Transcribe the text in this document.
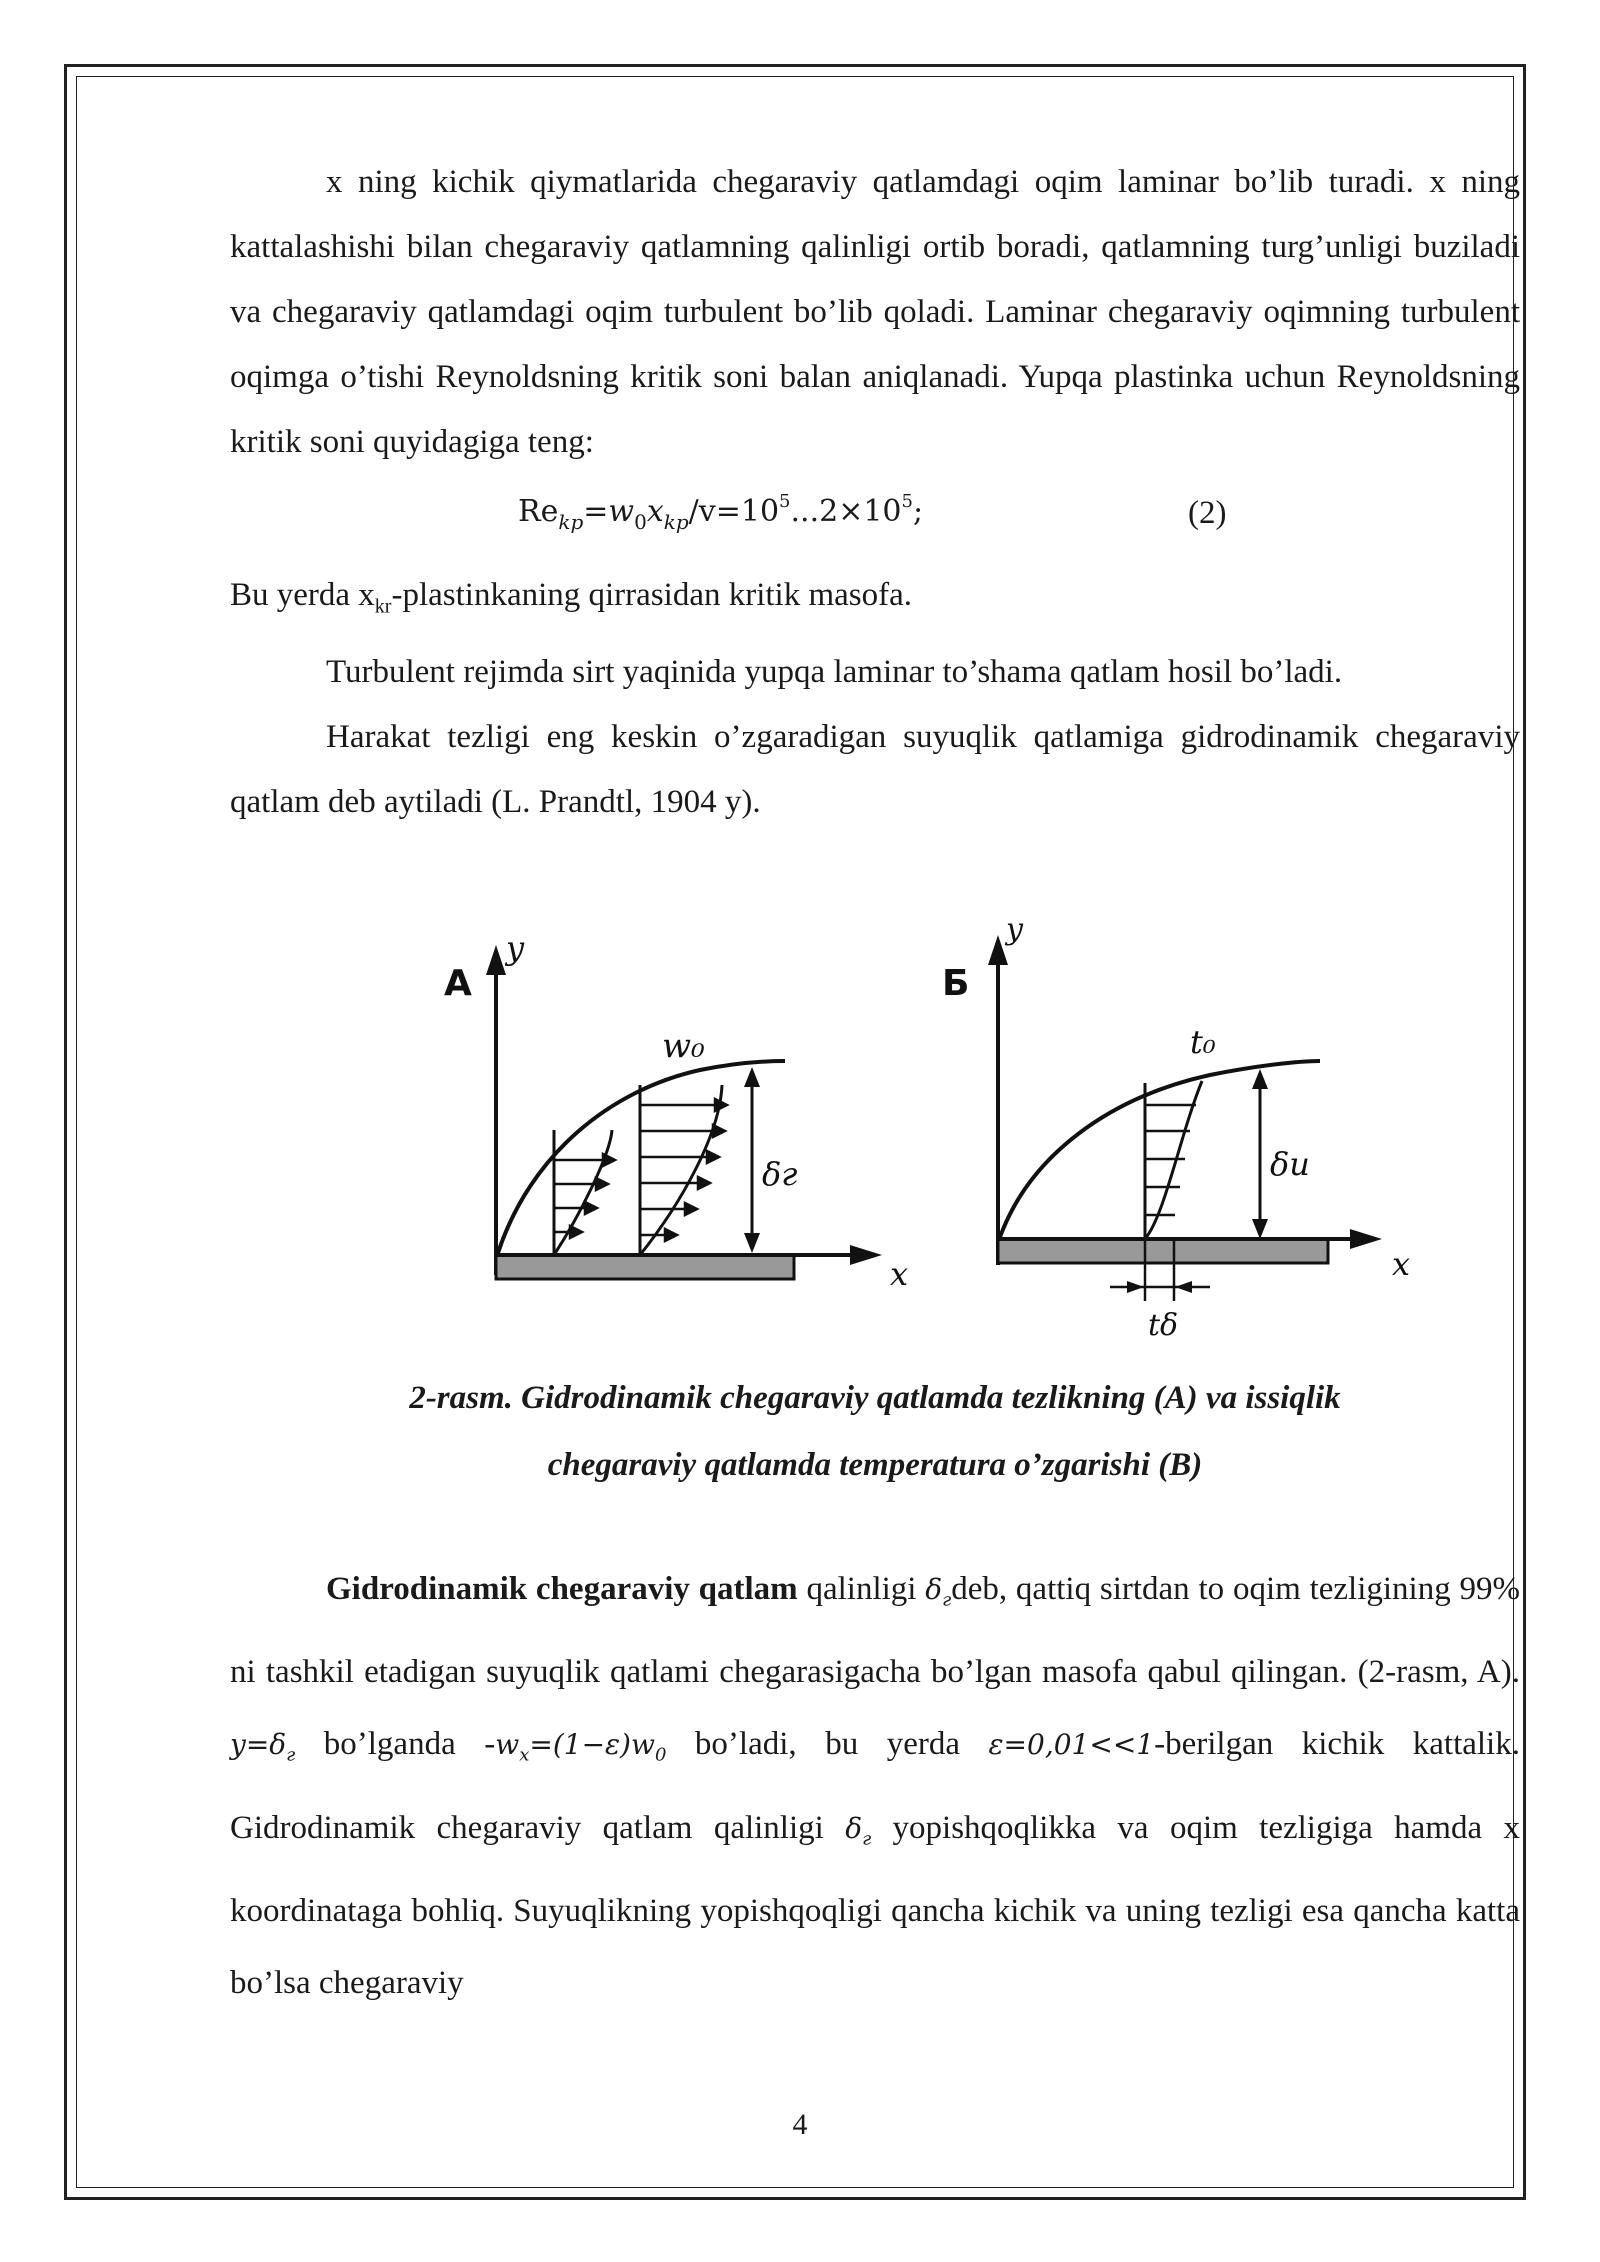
x ning kichik qiymatlarida chegaraviy qatlamdagi oqim laminar bo’lib turadi. x ning kattalashishi bilan chegaraviy qatlamning qalinligi ortib boradi, qatlamning turg’unligi buziladi va chegaraviy qatlamdagi oqim turbulent bo’lib qoladi. Laminar chegaraviy oqimning turbulent oqimga o’tishi Reynoldsning kritik soni balan aniqlanadi. Yupqa plastinka uchun Reynoldsning kritik soni quyidagiga teng:

$Re_{kp}=w_0x_{kp}/v=10^5...2\times 10^5$;	(2)

Bu yerda $x_{kr}$-plastinkaning qirrasidan kritik masofa.

Turbulent rejimda sirt yaqinida yupqa laminar to’shama qatlam hosil bo’ladi.

Harakat tezligi eng keskin o’zgaradigan suyuqlik qatlamiga gidrodinamik chegaraviy qatlam deb aytiladi (L. Prandtl, 1904 y).

A
y
x
w₀
δг
Б
y
x
t₀
δu
tδ

2-rasm. Gidrodinamik chegaraviy qatlamda tezlikning (A) va issiqlik

chegaraviy qatlamda temperatura o’zgarishi (B)

Gidrodinamik chegaraviy qatlam qalinligi $\delta_гdeb$, qattiq sirtdan to oqim tezligining 99% ni tashkil etadigan suyuqlik qatlami chegarasigacha bo’lgan masofa qabul qilingan. (2-rasm, A). $y=\delta_г$ bo’lganda $-w_x=(1-\varepsilon)w_0$ bo’ladi, bu yerda ε=0,01<<1-berilgan kichik kattalik. Gidrodinamik chegaraviy qatlam qalinligi $\delta_г$ yopishqoqlikka va oqim tezligiga hamda x koordinataga bohliq. Suyuqlikning yopishqoqligi qancha kichik va uning tezligi esa qancha katta bo’lsa chegaraviy

4
